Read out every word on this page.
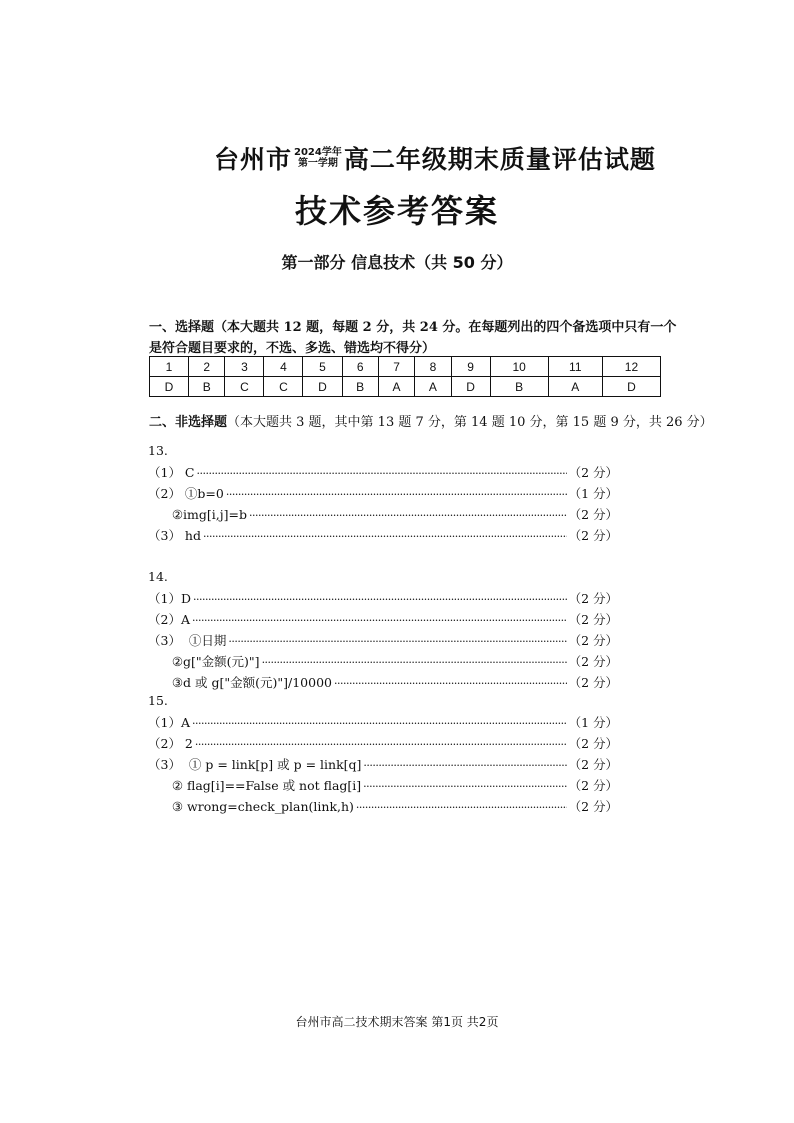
台州市 2024学年
第一学期 高二年级期末质量评估试题
技术参考答案
第一部分 信息技术（共 50 分）
一、选择题（本大题共 12 题，每题 2 分，共 24 分。在每题列出的四个备选项中只有一个
是符合题目要求的，不选、多选、错选均不得分）
1	2	3	4	5	6	7	8	9	10	11	12
D	B	C	C	D	B	A	A	D	B	A	D
二、非选择题（本大题共 3 题，其中第 13 题 7 分，第 14 题 10 分，第 15 题 9 分，共 26 分）
13.
（1） C ·····	（2 分）
（2） ①b=0 ·····	（1 分）
②img[i,j]=b ·····	（2 分）
（3） hd ·····	（2 分）
14.
（1）D ·····	（2 分）
（2）A ·····	（2 分）
（3）  ①日期 ·····	（2 分）
②g["金额(元)"] ·····	（2 分）
③d 或 g["金额(元)"]/10000 ·····	（2 分）
15.
（1）A ·····	（1 分）
（2） 2 ·····	（2 分）
（3）  ① p = link[p] 或 p = link[q] ·····	（2 分）
② flag[i]==False 或 not flag[i] ·····	（2 分）
③ wrong=check_plan(link,h) ·····	（2 分）
台州市高二技术期末答案 第1页 共2页
